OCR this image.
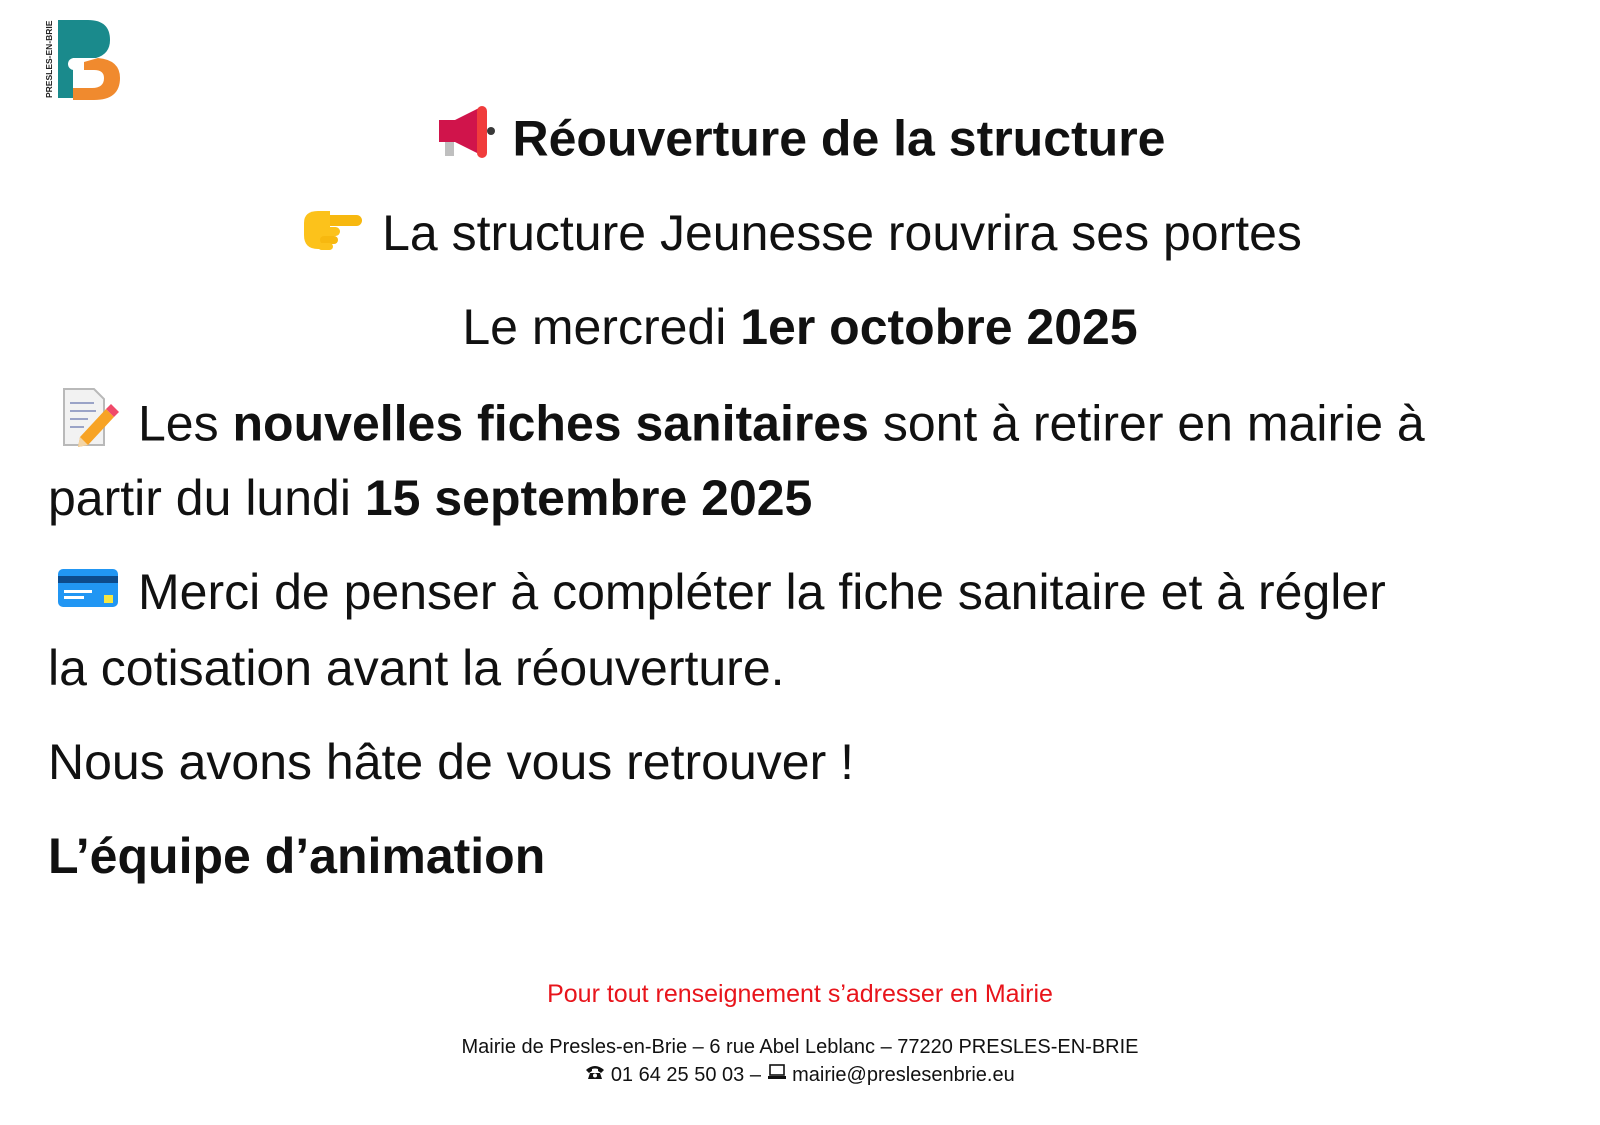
PRESLES-EN-BRIE
Réouverture de la structure
La structure Jeunesse rouvrira ses portes
Le mercredi 1er octobre 2025
Les nouvelles fiches sanitaires sont à retirer en mairie à
partir du lundi 15 septembre 2025
Merci de penser à compléter la fiche sanitaire et à régler
la cotisation avant la réouverture.
Nous avons hâte de vous retrouver !
L’équipe d’animation
Pour tout renseignement s’adresser en Mairie
Mairie de Presles-en-Brie – 6 rue Abel Leblanc – 77220 PRESLES-EN-BRIE
01 64 25 50 03 –  mairie@preslesenbrie.eu
